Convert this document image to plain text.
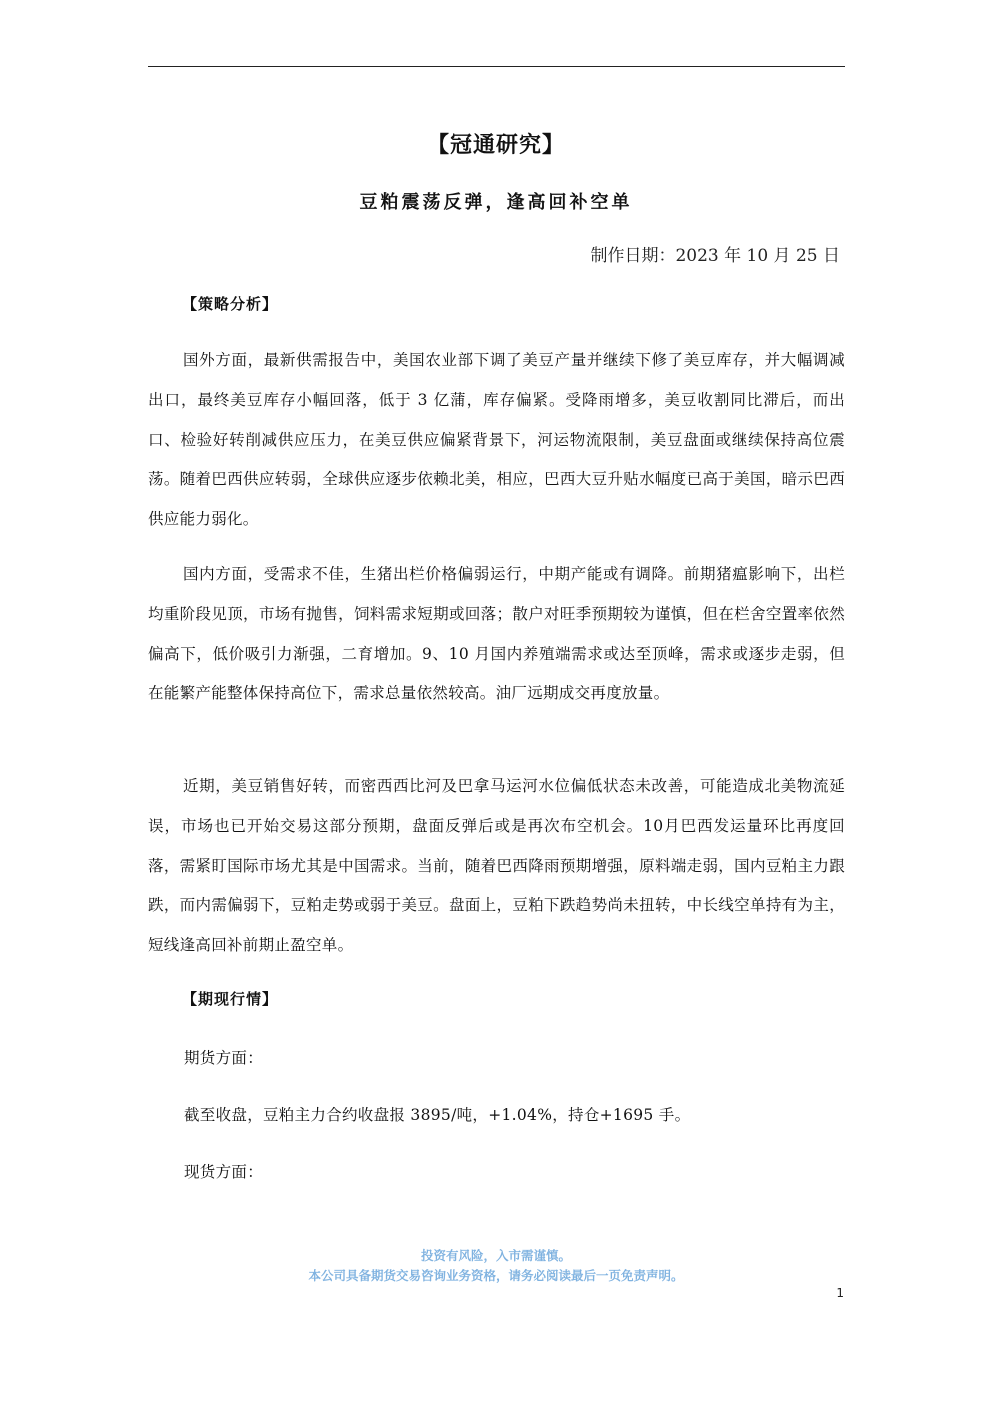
【冠通研究】
豆粕震荡反弹，逢高回补空单
制作日期：2023 年 10 月 25 日
【策略分析】

国外方面，最新供需报告中，美国农业部下调了美豆产量并继续下修了美豆库存，并大幅调减出口，最终美豆库存小幅回落，低于 3 亿蒲，库存偏紧。受降雨增多，美豆收割同比滞后，而出口、检验好转削减供应压力，在美豆供应偏紧背景下，河运物流限制，美豆盘面或继续保持高位震荡。随着巴西供应转弱，全球供应逐步依赖北美，相应，巴西大豆升贴水幅度已高于美国，暗示巴西供应能力弱化。

国内方面，受需求不佳，生猪出栏价格偏弱运行，中期产能或有调降。前期猪瘟影响下，出栏均重阶段见顶，市场有抛售，饲料需求短期或回落；散户对旺季预期较为谨慎，但在栏舍空置率依然偏高下，低价吸引力渐强，二育增加。9、10 月国内养殖端需求或达至顶峰，需求或逐步走弱，但在能繁产能整体保持高位下，需求总量依然较高。油厂远期成交再度放量。

近期，美豆销售好转，而密西西比河及巴拿马运河水位偏低状态未改善，可能造成北美物流延误，市场也已开始交易这部分预期，盘面反弹后或是再次布空机会。10月巴西发运量环比再度回落，需紧盯国际市场尤其是中国需求。当前，随着巴西降雨预期增强，原料端走弱，国内豆粕主力跟跌，而内需偏弱下，豆粕走势或弱于美豆。盘面上，豆粕下跌趋势尚未扭转，中长线空单持有为主，短线逢高回补前期止盈空单。

【期现行情】
期货方面：
截至收盘，豆粕主力合约收盘报 3895/吨，+1.04%，持仓+1695 手。
现货方面：
投资有风险，入市需谨慎。
本公司具备期货交易咨询业务资格，请务必阅读最后一页免责声明。
1
